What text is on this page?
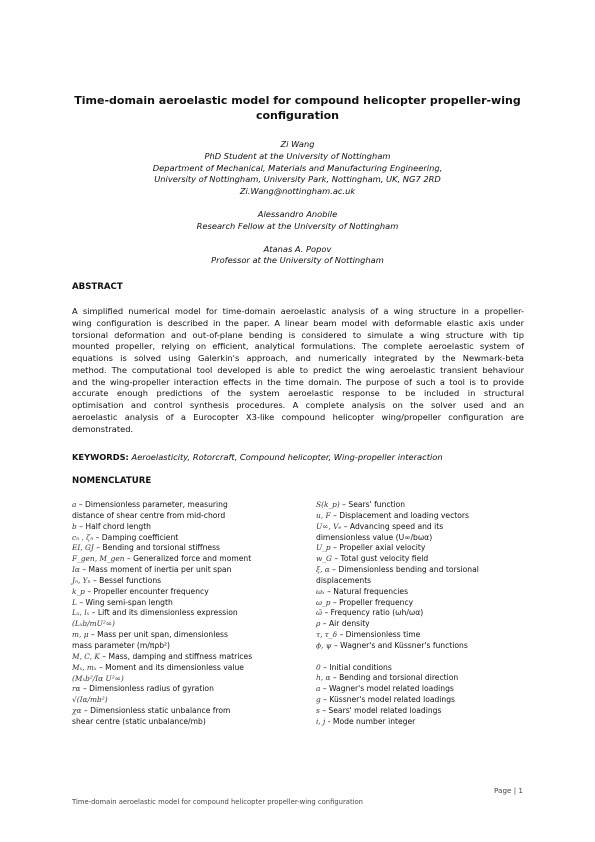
Time-domain aeroelastic model for compound helicopter propeller-wing
configuration
Zi Wang
PhD Student at the University of Nottingham
Department of Mechanical, Materials and Manufacturing Engineering,
University of Nottingham, University Park, Nottingham, UK, NG7 2RD
Zi.Wang@nottingham.ac.uk
Alessandro Anobile
Research Fellow at the University of Nottingham
Atanas A. Popov
Professor at the University of Nottingham
ABSTRACT
A simplified numerical model for time-domain aeroelastic analysis of a wing structure in a propeller-
wing configuration is described in the paper. A linear beam model with deformable elastic axis under
torsional deformation and out-of-plane bending is considered to simulate a wing structure with tip
mounted propeller, relying on efficient, analytical formulations. The complete aeroelastic system of
equations is solved using Galerkin's approach, and numerically integrated by the Newmark-beta
method. The computational tool developed is able to predict the wing aeroelastic transient behaviour
and the wing-propeller interaction effects in the time domain. The purpose of such a tool is to provide
accurate enough predictions of the system aeroelastic response to be included in structural
optimisation and control synthesis procedures. A complete analysis on the solver used and an
aeroelastic analysis of a Eurocopter X3-like compound helicopter wing/propeller configuration are
demonstrated.
KEYWORDS: Aeroelasticity, Rotorcraft, Compound helicopter, Wing-propeller interaction
NOMENCLATURE
a – Dimensionless parameter, measuring
distance of shear centre from mid-chord
b – Half chord length
cₙ , ζₙ – Damping coefficient
EI, GJ – Bending and torsional stiffness
F_gen, M_gen – Generalized force and moment
Iα – Mass moment of inertia per unit span
Jₙ, Yₙ – Bessel functions
k_p – Propeller encounter frequency
L – Wing semi-span length
Lₓ, lₓ – Lift and its dimensionless expression
(Lₓb/mU²∞)
m, μ – Mass per unit span, dimensionless
mass parameter (m/πρb²)
M, C, K – Mass, damping and stiffness matrices
Mₓ, mₓ – Moment and its dimensionless value
(Mₓb²/Iα U²∞)
rα – Dimensionless radius of gyration
√(Iα/mb²)
χα – Dimensionless static unbalance from
shear centre (static unbalance/mb)
S(k_p) – Sears' function
u, F – Displacement and loading vectors
U∞, Vₑ – Advancing speed and its
dimensionless value (U∞/bωα)
U_p – Propeller axial velocity
w_G – Total gust velocity field
ξ, α – Dimensionless bending and torsional
displacements
ωₓ – Natural frequencies
ω_p – Propeller frequency
ω̄ – Frequency ratio (ωh/ωα)
ρ – Air density
τ, τ_δ – Dimensionless time
ϕ, ψ – Wagner's and Küssner's functions
0 – Initial conditions
h, α – Bending and torsional direction
a – Wagner's model related loadings
g – Küssner's model related loadings
s – Sears' model related loadings
i, j - Mode number integer
Page | 1
Time-domain aeroelastic model for compound helicopter propeller-wing configuration
